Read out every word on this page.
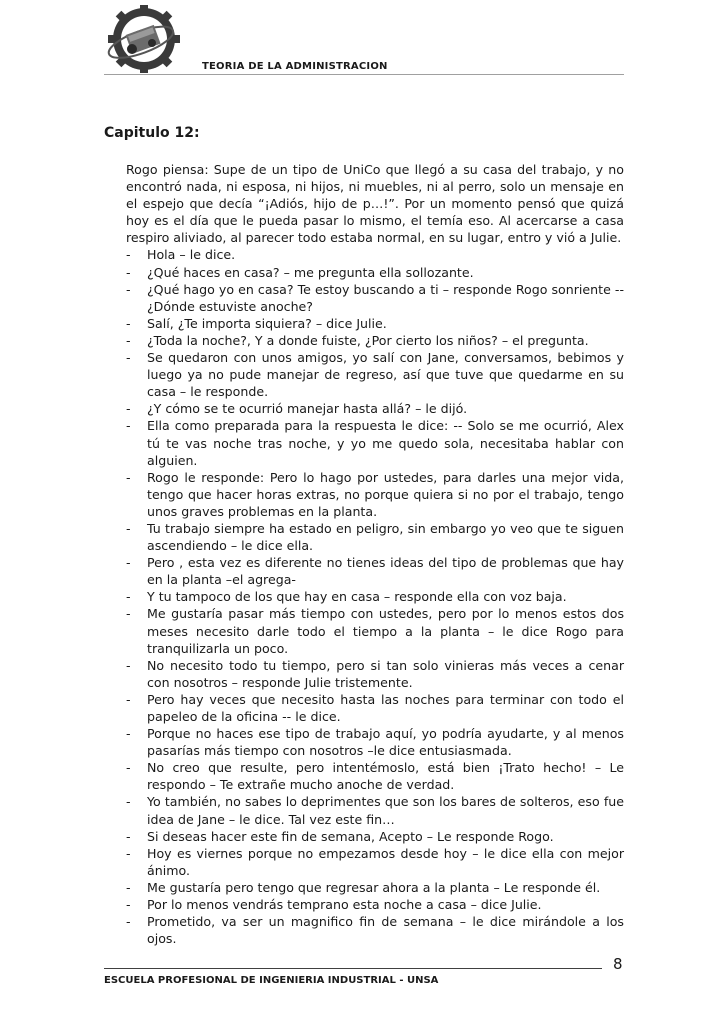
TEORIA DE LA ADMINISTRACION
Capitulo 12:

Rogo piensa: Supe de un tipo de UniCo que llegó a su casa del trabajo, y no encontró nada, ni esposa, ni hijos, ni muebles, ni al perro, solo un mensaje en el espejo que decía “¡Adiós, hijo de p…!”. Por un momento pensó que quizá hoy es el día que le pueda pasar lo mismo, el temía eso. Al acercarse a casa respiro aliviado, al parecer todo estaba normal, en su lugar, entro y vió a Julie.

- Hola – le dice.
- ¿Qué haces en casa? – me pregunta ella sollozante.
- ¿Qué hago yo en casa? Te estoy buscando a ti – responde Rogo sonriente -- ¿Dónde estuviste anoche?
- Salí, ¿Te importa siquiera? – dice Julie.
- ¿Toda la noche?, Y a donde fuiste, ¿Por cierto los niños? – el pregunta.
- Se quedaron con unos amigos, yo salí con Jane, conversamos, bebimos y luego ya no pude manejar de regreso, así que tuve que quedarme en su casa – le responde.
- ¿Y cómo se te ocurrió manejar hasta allá? – le dijó.
- Ella como preparada para la respuesta le dice: -- Solo se me ocurrió, Alex tú te vas noche tras noche, y yo me quedo sola, necesitaba hablar con alguien.
- Rogo le responde: Pero lo hago por ustedes, para darles una mejor vida, tengo que hacer horas extras, no porque quiera si no por el trabajo, tengo unos graves problemas en la planta.
- Tu trabajo siempre ha estado en peligro, sin embargo yo veo que te siguen ascendiendo – le dice ella.
- Pero , esta vez es diferente no tienes ideas del tipo de problemas que hay en la planta –el agrega-
- Y tu tampoco de los que hay en casa – responde ella con voz baja.
- Me gustaría pasar más tiempo con ustedes, pero por lo menos estos dos meses necesito darle todo el tiempo a la planta – le dice Rogo para tranquilizarla un poco.
- No necesito todo tu tiempo, pero si tan solo vinieras más veces a cenar con nosotros – responde Julie tristemente.
- Pero hay veces que necesito hasta las noches para terminar con todo el papeleo de la oficina -- le dice.
- Porque no haces ese tipo de trabajo aquí, yo podría ayudarte, y al menos pasarías más tiempo con nosotros –le dice entusiasmada.
- No creo que resulte, pero intentémoslo, está bien ¡Trato hecho! – Le respondo – Te extrañe mucho anoche de verdad.
- Yo también, no sabes lo deprimentes que son los bares de solteros, eso fue idea de Jane – le dice. Tal vez este fin…
- Si deseas hacer este fin de semana, Acepto – Le responde Rogo.
- Hoy es viernes porque no empezamos desde hoy – le dice ella con mejor ánimo.
- Me gustaría pero tengo que regresar ahora a la planta – Le responde él.
- Por lo menos vendrás temprano esta noche a casa – dice Julie.
- Prometido, va ser un magnifico fin de semana – le dice mirándole a los ojos.
8
ESCUELA PROFESIONAL DE INGENIERIA INDUSTRIAL - UNSA
